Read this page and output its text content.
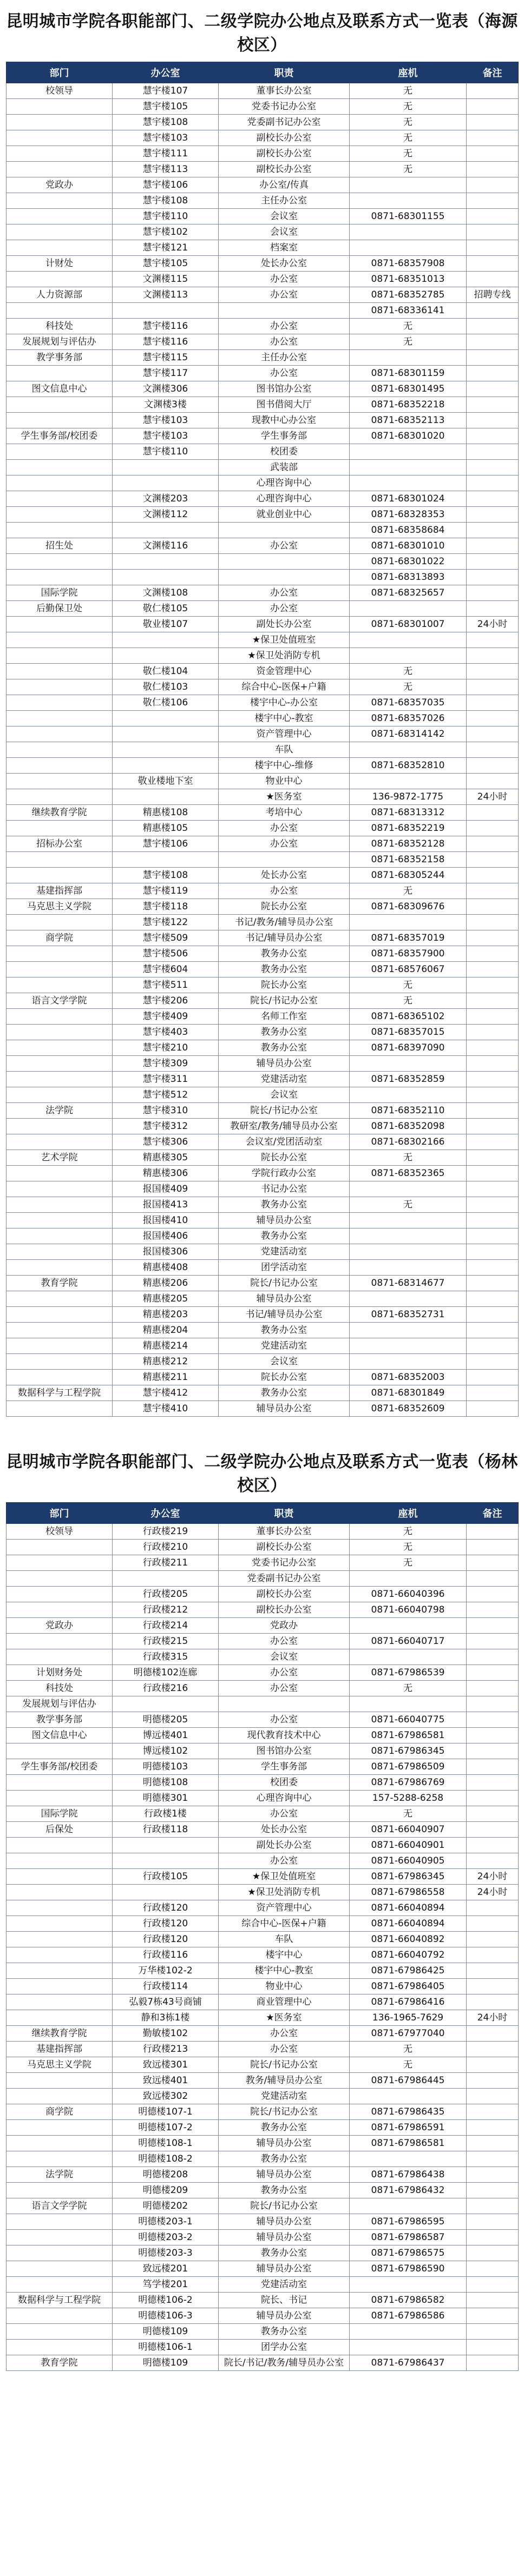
昆明城市学院各职能部门、二级学院办公地点及联系方式一览表（海源校区）
部门	办公室	职责	座机	备注
校领导	慧宇楼107	董事长办公室	无	
	慧宇楼105	党委书记办公室	无	
	慧宇楼108	党委副书记办公室	无	
	慧宇楼103	副校长办公室	无	
	慧宇楼111	副校长办公室	无	
	慧宇楼113	副校长办公室	无	
党政办	慧宇楼106	办公室/传真		
	慧宇楼108	主任办公室		
	慧宇楼110	会议室	0871-68301155	
	慧宇楼102	会议室		
	慧宇楼121	档案室		
计财处	慧宇楼105	处长办公室	0871-68357908	
	文渊楼115	办公室	0871-68351013	
人力资源部	文渊楼113	办公室	0871-68352785	招聘专线
			0871-68336141	
科技处	慧宇楼116	办公室	无	
发展规划与评估办	慧宇楼116	办公室	无	
教学事务部	慧宇楼115	主任办公室		
	慧宇楼117	办公室	0871-68301159	
图文信息中心	文渊楼306	图书馆办公室	0871-68301495	
	文渊楼3楼	图书借阅大厅	0871-68352218	
	慧宇楼103	现教中心办公室	0871-68352113	
学生事务部/校团委	慧宇楼103	学生事务部	0871-68301020	
	慧宇楼110	校团委		
		武装部		
		心理咨询中心		
	文渊楼203	心理咨询中心	0871-68301024	
	文渊楼112	就业创业中心	0871-68328353	
			0871-68358684	
招生处	文渊楼116	办公室	0871-68301010	
			0871-68301022	
			0871-68313893	
国际学院	文渊楼108	办公室	0871-68325657	
后勤保卫处	敬仁楼105	办公室		
	敬业楼107	副处长办公室	0871-68301007	24小时
		★保卫处值班室		
		★保卫处消防专机		
	敬仁楼104	资金管理中心	无	
	敬仁楼103	综合中心-医保+户籍	无	
	敬仁楼106	楼宇中心-办公室	0871-68357035	
		楼宇中心-教室	0871-68357026	
		资产管理中心	0871-68314142	
		车队		
		楼宇中心-维修	0871-68352810	
	敬业楼地下室	物业中心		
		★医务室	136-9872-1775	24小时
继续教育学院	精惠楼108	考培中心	0871-68313312	
	精惠楼105	办公室	0871-68352219	
招标办公室	慧宇楼106	办公室	0871-68352128	
			0871-68352158	
	慧宇楼108	处长办公室	0871-68305244	
基建指挥部	慧宇楼119	办公室	无	
马克思主义学院	慧宇楼118	院长办公室	0871-68309676	
	慧宇楼122	书记/教务/辅导员办公室		
商学院	慧宇楼509	书记/辅导员办公室	0871-68357019	
	慧宇楼506	教务办公室	0871-68357900	
	慧宇楼604	教务办公室	0871-68576067	
	慧宇楼511	院长办公室	无	
语言文学学院	慧宇楼206	院长/书记办公室	无	
	慧宇楼409	名师工作室	0871-68365102	
	慧宇楼403	教务办公室	0871-68357015	
	慧宇楼210	教务办公室	0871-68397090	
	慧宇楼309	辅导员办公室		
	慧宇楼311	党建活动室	0871-68352859	
	慧宇楼512	会议室		
法学院	慧宇楼310	院长/书记办公室	0871-68352110	
	慧宇楼312	教研室/教务/辅导员办公室	0871-68352098	
	慧宇楼306	会议室/党团活动室	0871-68302166	
艺术学院	精惠楼305	院长办公室	无	
	精惠楼306	学院行政办公室	0871-68352365	
	报国楼409	书记办公室		
	报国楼413	教务办公室	无	
	报国楼410	辅导员办公室		
	报国楼406	教务办公室		
	报国楼306	党建活动室		
	精惠楼408	团学活动室		
教育学院	精惠楼206	院长/书记办公室	0871-68314677	
	精惠楼205	辅导员办公室		
	精惠楼203	书记/辅导员办公室	0871-68352731	
	精惠楼204	教务办公室		
	精惠楼214	党建活动室		
	精惠楼212	会议室		
	精惠楼211	院长办公室	0871-68352003	
数据科学与工程学院	慧宇楼412	教务办公室	0871-68301849	
	慧宇楼410	辅导员办公室	0871-68352609	
昆明城市学院各职能部门、二级学院办公地点及联系方式一览表（杨林校区）
部门	办公室	职责	座机	备注
校领导	行政楼219	董事长办公室	无	
	行政楼210	副校长办公室	无	
	行政楼211	党委书记办公室	无	
		党委副书记办公室		
	行政楼205	副校长办公室	0871-66040396	
	行政楼212	副校长办公室	0871-66040798	
党政办	行政楼214	党政办		
	行政楼215	办公室	0871-66040717	
	行政楼315	会议室		
计划财务处	明德楼102连廊	办公室	0871-67986539	
科技处	行政楼216	办公室	无	
发展规划与评估办				
教学事务部	明德楼205	办公室	0871-66040775	
图文信息中心	博远楼401	现代教育技术中心	0871-67986581	
	博远楼102	图书馆办公室	0871-67986345	
学生事务部/校团委	明德楼103	学生事务部	0871-67986509	
	明德楼108	校团委	0871-67986769	
	明德楼301	心理咨询中心	157-5288-6258	
国际学院	行政楼1楼	办公室	无	
后保处	行政楼118	处长办公室	0871-66040907	
		副处长办公室	0871-66040901	
		办公室	0871-66040905	
	行政楼105	★保卫处值班室	0871-67986345	24小时
		★保卫处消防专机	0871-67986558	24小时
	行政楼120	资产管理中心	0871-66040894	
	行政楼120	综合中心-医保+户籍	0871-66040894	
	行政楼120	车队	0871-66040892	
	行政楼116	楼宇中心	0871-66040792	
	万华楼102-2	楼宇中心-教室	0871-67986425	
	行政楼114	物业中心	0871-67986405	
	弘毅7栋43号商铺	商业管理中心	0871-67986416	
	静和3栋1楼	★医务室	136-1965-7629	24小时
继续教育学院	勤敏楼102	办公室	0871-67977040	
基建指挥部	行政楼213	办公室	无	
马克思主义学院	致远楼301	院长/书记办公室	无	
	致远楼401	教务/辅导员办公室	0871-67986445	
	致远楼302	党建活动室		
商学院	明德楼107-1	院长/书记办公室	0871-67986435	
	明德楼107-2	教务办公室	0871-67986591	
	明德楼108-1	辅导员办公室	0871-67986581	
	明德楼108-2	教务办公室		
法学院	明德楼208	辅导员办公室	0871-67986438	
	明德楼209	教务办公室	0871-67986432	
语言文学学院	明德楼202	院长/书记办公室		
	明德楼203-1	辅导员办公室	0871-67986595	
	明德楼203-2	辅导员办公室	0871-67986587	
	明德楼203-3	教务办公室	0871-67986575	
	致远楼201	辅导员办公室	0871-67986590	
	笃学楼201	党建活动室		
数据科学与工程学院	明德楼106-2	院长、书记	0871-67986582	
	明德楼106-3	辅导员办公室	0871-67986586	
	明德楼109	教务办公室		
	明德楼106-1	团学办公室		
教育学院	明德楼109	院长/书记/教务/辅导员办公室	0871-67986437	
